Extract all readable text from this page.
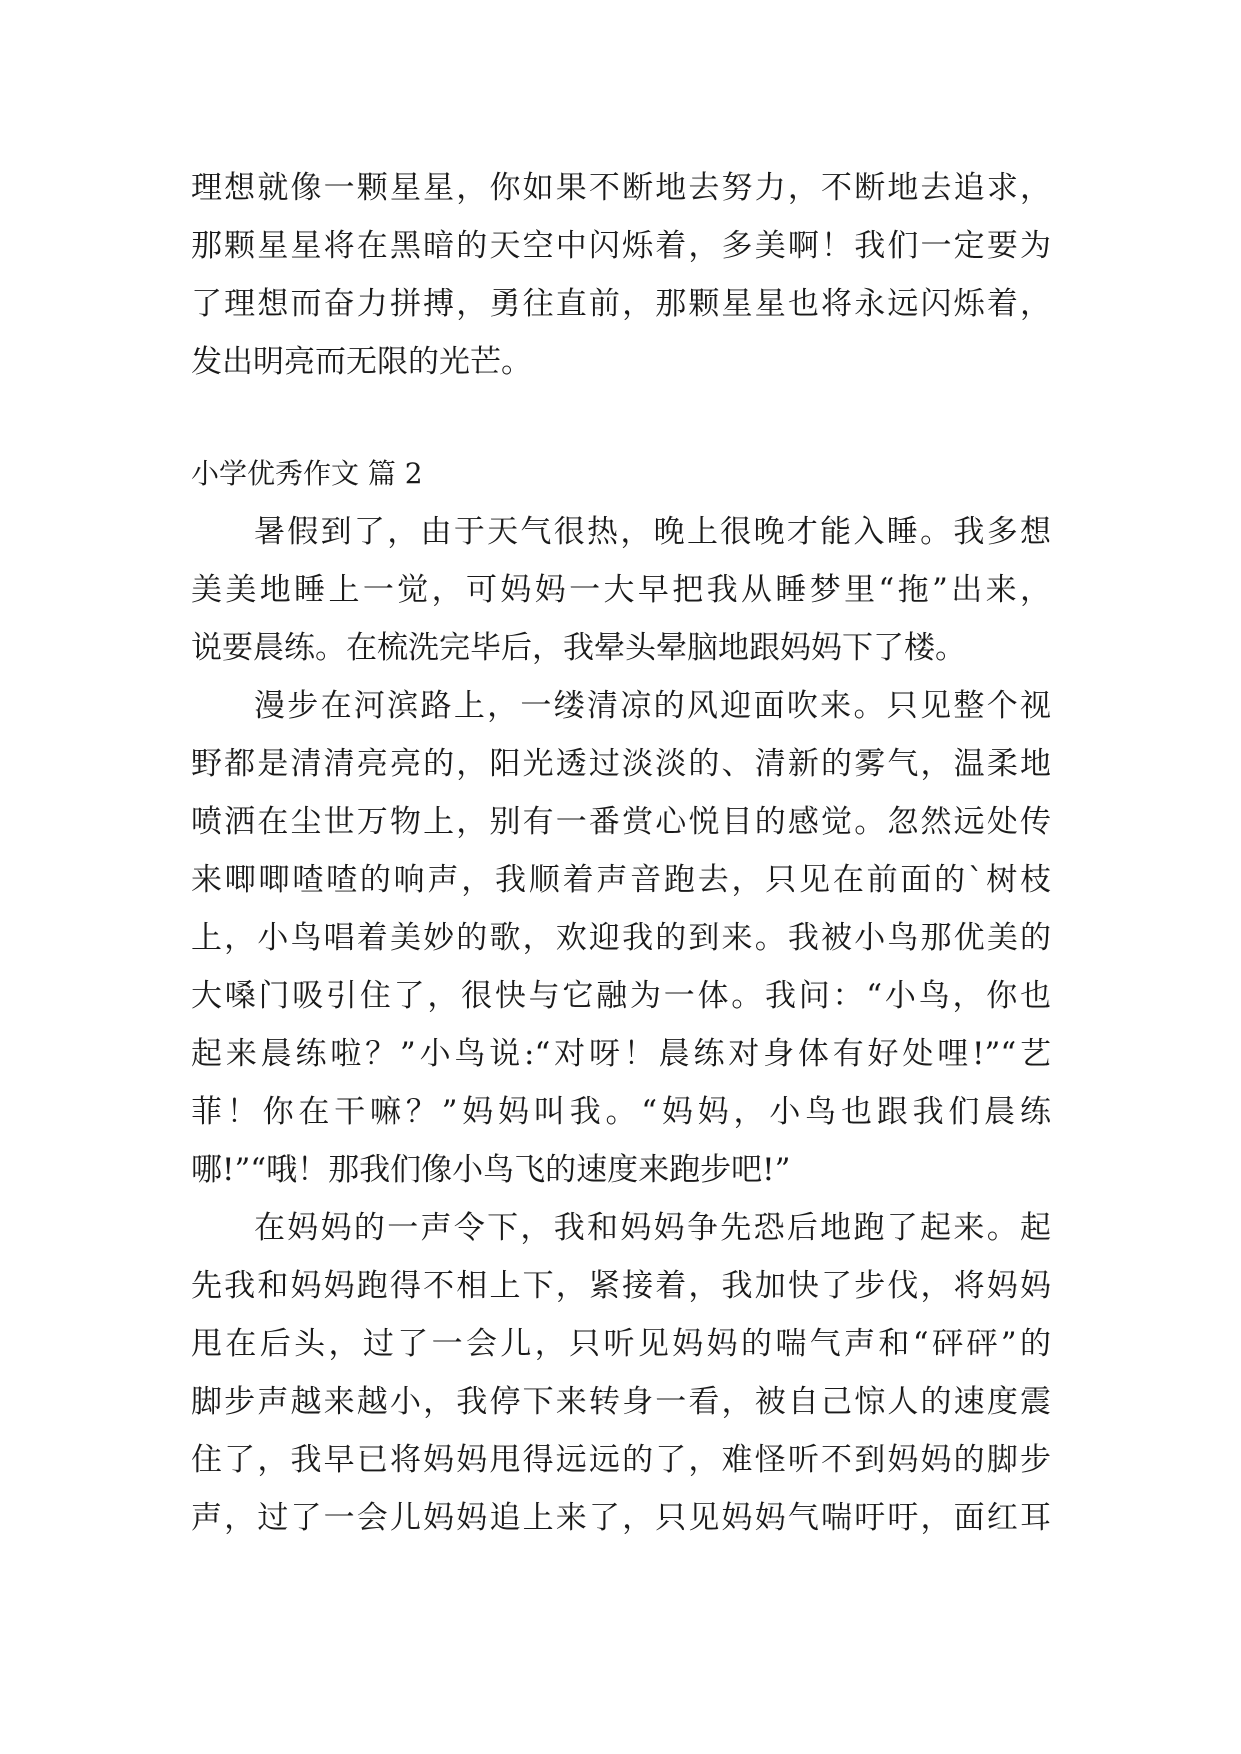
理想就像一颗星星，你如果不断地去努力，不断地去追求，
那颗星星将在黑暗的天空中闪烁着，多美啊！我们一定要为
了理想而奋力拼搏，勇往直前，那颗星星也将永远闪烁着，
发出明亮而无限的光芒。
小学优秀作文 篇 2
暑假到了，由于天气很热，晚上很晚才能入睡。我多想
美美地睡上一觉，可妈妈一大早把我从睡梦里“拖”出来，
说要晨练。在梳洗完毕后，我晕头晕脑地跟妈妈下了楼。
漫步在河滨路上，一缕清凉的风迎面吹来。只见整个视
野都是清清亮亮的，阳光透过淡淡的、清新的雾气，温柔地
喷洒在尘世万物上，别有一番赏心悦目的感觉。忽然远处传
来唧唧喳喳的响声，我顺着声音跑去，只见在前面的`树枝
上，小鸟唱着美妙的歌，欢迎我的到来。我被小鸟那优美的
大嗓门吸引住了，很快与它融为一体。我问：“小鸟，你也
起来晨练啦？”小鸟说:“对呀！晨练对身体有好处哩!”“艺
菲！你在干嘛？”妈妈叫我。“妈妈，小鸟也跟我们晨练
哪!”“哦！那我们像小鸟飞的速度来跑步吧!”
在妈妈的一声令下，我和妈妈争先恐后地跑了起来。起
先我和妈妈跑得不相上下，紧接着，我加快了步伐，将妈妈
甩在后头，过了一会儿，只听见妈妈的喘气声和“砰砰”的
脚步声越来越小，我停下来转身一看，被自己惊人的速度震
住了，我早已将妈妈甩得远远的了，难怪听不到妈妈的脚步
声，过了一会儿妈妈追上来了，只见妈妈气喘吁吁，面红耳
